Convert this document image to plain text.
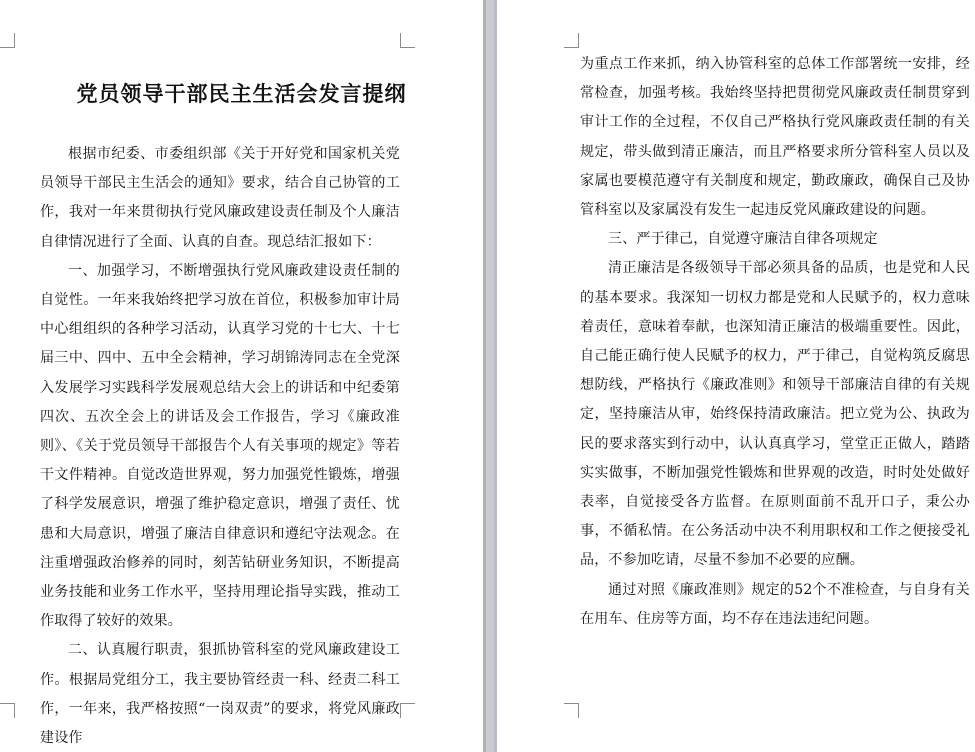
党员领导干部民主生活会发言提纲

根据市纪委、市委组织部《关于开好党和国家机关党员领导干部民主生活会的通知》要求，结合自己协管的工作，我对一年来贯彻执行党风廉政建设责任制及个人廉洁自律情况进行了全面、认真的自查。现总结汇报如下：

一、加强学习，不断增强执行党风廉政建设责任制的自觉性。一年来我始终把学习放在首位，积极参加审计局中心组组织的各种学习活动，认真学习党的十七大、十七届三中、四中、五中全会精神，学习胡锦涛同志在全党深入发展学习实践科学发展观总结大会上的讲话和中纪委第四次、五次全会上的讲话及会工作报告，学习《廉政准则》、《关于党员领导干部报告个人有关事项的规定》等若干文件精神。自觉改造世界观，努力加强党性锻炼，增强了科学发展意识，增强了维护稳定意识，增强了责任、忧患和大局意识，增强了廉洁自律意识和遵纪守法观念。在注重增强政治修养的同时，刻苦钻研业务知识，不断提高业务技能和业务工作水平，坚持用理论指导实践，推动工作取得了较好的效果。

二、认真履行职责，狠抓协管科室的党风廉政建设工作。根据局党组分工，我主要协管经责一科、经责二科工作，一年来，我严格按照“一岗双责”的要求，将党风廉政建设作

为重点工作来抓，纳入协管科室的总体工作部署统一安排，经常检查，加强考核。我始终坚持把贯彻党风廉政责任制贯穿到审计工作的全过程，不仅自己严格执行党风廉政责任制的有关规定，带头做到清正廉洁，而且严格要求所分管科室人员以及家属也要模范遵守有关制度和规定，勤政廉政，确保自己及协管科室以及家属没有发生一起违反党风廉政建设的问题。

三、严于律己，自觉遵守廉洁自律各项规定

清正廉洁是各级领导干部必须具备的品质，也是党和人民的基本要求。我深知一切权力都是党和人民赋予的，权力意味着责任，意味着奉献，也深知清正廉洁的极端重要性。因此，自己能正确行使人民赋予的权力，严于律己，自觉构筑反腐思想防线，严格执行《廉政准则》和领导干部廉洁自律的有关规定，坚持廉洁从审，始终保持清政廉洁。把立党为公、执政为民的要求落实到行动中，认认真真学习，堂堂正正做人，踏踏实实做事，不断加强党性锻炼和世界观的改造，时时处处做好表率，自觉接受各方监督。在原则面前不乱开口子，秉公办事，不循私情。在公务活动中决不利用职权和工作之便接受礼品，不参加吃请，尽量不参加不必要的应酬。

通过对照《廉政准则》规定的52个不准检查，与自身有关在用车、住房等方面，均不存在违法违纪问题。
